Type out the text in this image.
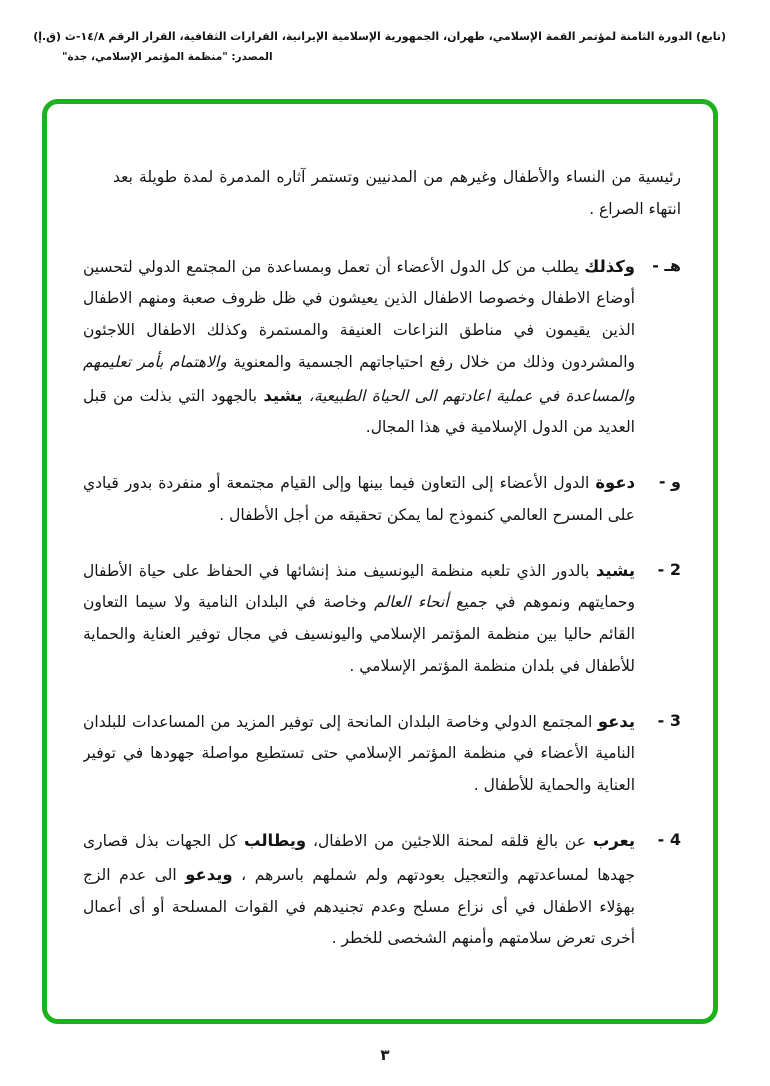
(تابع) الدورة الثامنة لمؤتمر القمة الإسلامي، طهران، الجمهورية الإسلامية الإيرانية، القرارات الثقافية، القرار الرقم ١٤/٨-ث (ق.إ)
المصدر: "منظمة المؤتمر الإسلامي، جدة"

رئيسية من النساء والأطفال وغيرهم من المدنيين وتستمر آثاره المدمرة لمدة طويلة بعد انتهاء الصراع .

هـ -
وكذلك يطلب من كل الدول الأعضاء أن تعمل وبمساعدة من المجتمع الدولي لتحسين أوضاع الاطفال وخصوصا الاطفال الذين يعيشون في ظل ظروف صعبة ومنهم الاطفال الذين يقيمون في مناطق النزاعات العنيفة والمستمرة وكذلك الاطفال اللاجئون والمشردون وذلك من خلال رفع احتياجاتهم الجسمية والمعنوية والاهتمام بأمر تعليمهم والمساعدة في عملية اعادتهم الى الحياة الطبيعية، يشيد بالجهود التي بذلت من قبل العديد من الدول الإسلامية في هذا المجال.
و -
دعوة الدول الأعضاء إلى التعاون فيما بينها وإلى القيام مجتمعة أو منفردة بدور قيادي على المسرح العالمي كنموذج لما يمكن تحقيقه من أجل الأطفال .
2 -
يشيد بالدور الذي تلعبه منظمة اليونسيف منذ إنشائها في الحفاظ على حياة الأطفال وحمايتهم ونموهم في جميع أنحاء العالم وخاصة في البلدان النامية ولا سيما التعاون القائم حاليا بين منظمة المؤتمر الإسلامي واليونسيف في مجال توفير العناية والحماية للأطفال في بلدان منظمة المؤتمر الإسلامي .
3 -
يدعو المجتمع الدولي وخاصة البلدان المانحة إلى توفير المزيد من المساعدات للبلدان النامية الأعضاء في منظمة المؤتمر الإسلامي حتى تستطيع مواصلة جهودها في توفير العناية والحماية للأطفال .
4 -
يعرب عن بالغ قلقه لمحنة اللاجئين من الاطفال، ويطالب كل الجهات بذل قصارى جهدها لمساعدتهم والتعجيل بعودتهم ولم شملهم باسرهم ، ويدعو الى عدم الزج بهؤلاء الاطفال في أى نزاع مسلح وعدم تجنيدهم في القوات المسلحة أو أى أعمال أخرى تعرض سلامتهم وأمنهم الشخصى للخطر .
٣
